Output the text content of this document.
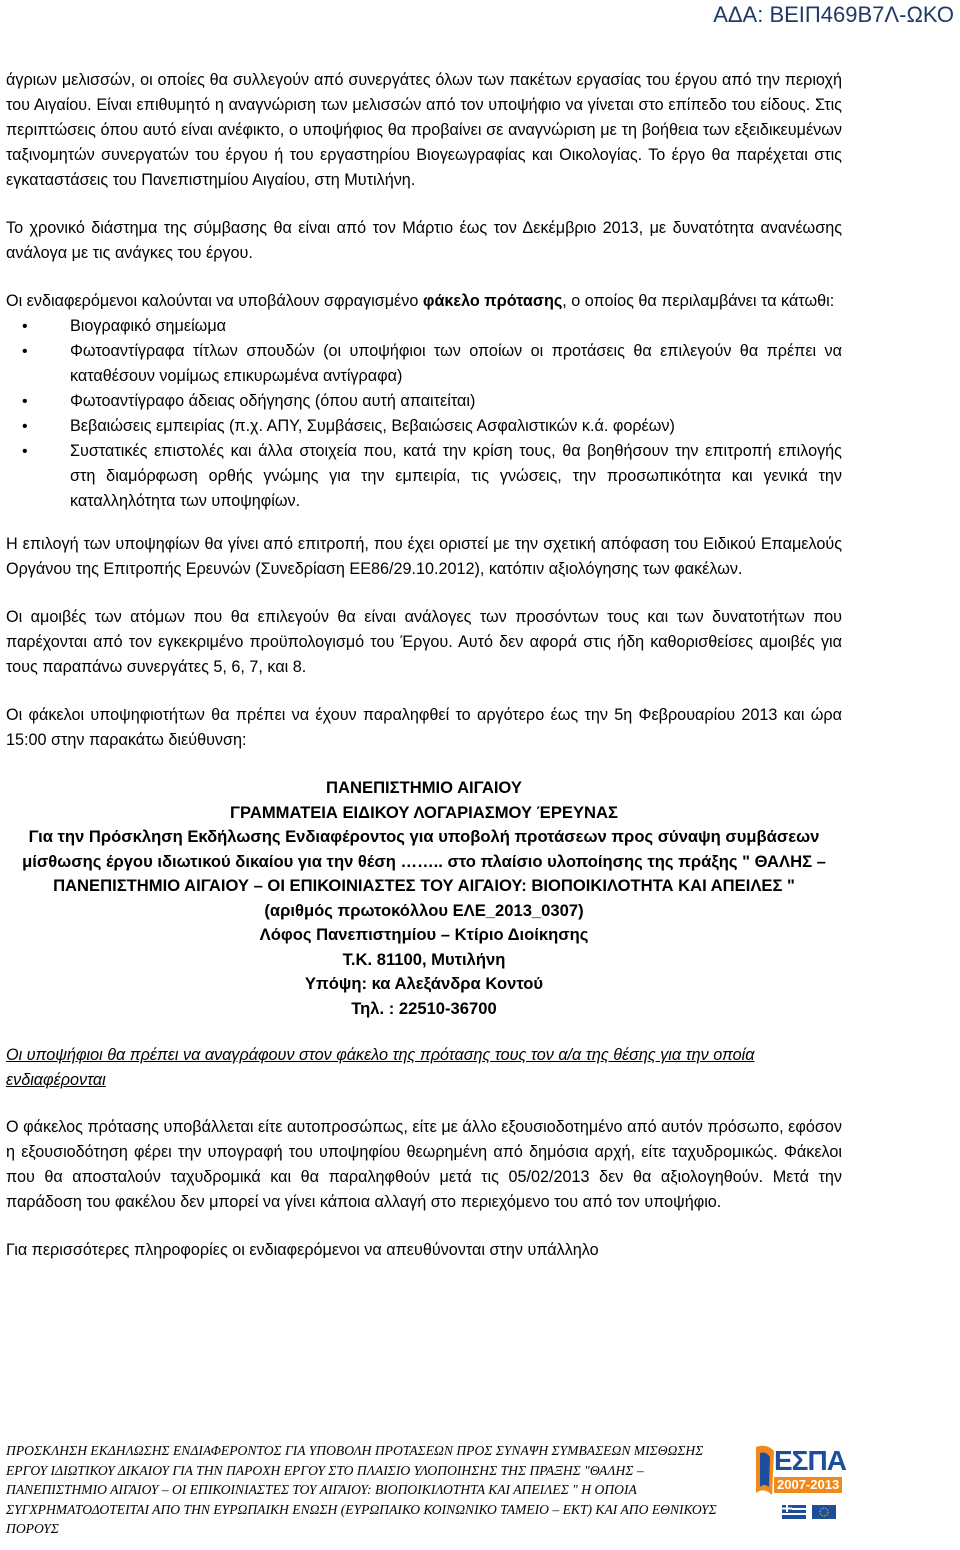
ΑΔΑ: ΒΕΙΠ469Β7Λ-ΩΚΟ

άγριων μελισσών, οι οποίες θα συλλεγούν από συνεργάτες όλων των πακέτων εργασίας του έργου από την περιοχή του Αιγαίου. Είναι επιθυμητό η αναγνώριση των μελισσών από τον υποψήφιο να γίνεται στο επίπεδο του είδους. Στις περιπτώσεις όπου αυτό είναι ανέφικτο, ο υποψήφιος θα προβαίνει σε αναγνώριση με τη βοήθεια των εξειδικευμένων ταξινομητών συνεργατών του έργου ή του εργαστηρίου Βιογεωγραφίας και Οικολογίας. Το έργο θα παρέχεται στις εγκαταστάσεις του Πανεπιστημίου Αιγαίου, στη Μυτιλήνη.

Το χρονικό διάστημα της σύμβασης θα είναι από τον Μάρτιο έως τον Δεκέμβριο 2013, με δυνατότητα ανανέωσης ανάλογα με τις ανάγκες του έργου.

Οι ενδιαφερόμενοι καλούνται να υποβάλουν σφραγισμένο φάκελο πρότασης, ο οποίος θα περιλαμβάνει τα κάτωθι:

• Βιογραφικό σημείωμα
• Φωτοαντίγραφα τίτλων σπουδών (οι υποψήφιοι των οποίων οι προτάσεις θα επιλεγούν θα πρέπει να καταθέσουν νομίμως επικυρωμένα αντίγραφα)
• Φωτοαντίγραφο άδειας οδήγησης (όπου αυτή απαιτείται)
• Βεβαιώσεις εμπειρίας (π.χ. ΑΠΥ, Συμβάσεις, Βεβαιώσεις Ασφαλιστικών κ.ά. φορέων)
• Συστατικές επιστολές και άλλα στοιχεία που, κατά την κρίση τους, θα βοηθήσουν την επιτροπή επιλογής στη διαμόρφωση ορθής γνώμης για την εμπειρία, τις γνώσεις, την προσωπικότητα και γενικά την καταλληλότητα των υποψηφίων.

Η επιλογή των υποψηφίων θα γίνει από επιτροπή, που έχει οριστεί με την σχετική απόφαση του Ειδικού Επαμελούς Οργάνου της Επιτροπής Ερευνών (Συνεδρίαση ΕΕ86/29.10.2012), κατόπιν αξιολόγησης των φακέλων.

Οι αμοιβές των ατόμων που θα επιλεγούν θα είναι ανάλογες των προσόντων τους και των δυνατοτήτων που παρέχονται από τον εγκεκριμένο προϋπολογισμό του Έργου. Αυτό δεν αφορά στις ήδη καθορισθείσες αμοιβές για τους παραπάνω συνεργάτες 5, 6, 7, και 8.

Οι φάκελοι υποψηφιοτήτων θα πρέπει να έχουν παραληφθεί το αργότερο έως την 5η Φεβρουαρίου 2013 και ώρα 15:00 στην παρακάτω διεύθυνση:

ΠΑΝΕΠΙΣΤΗΜΙΟ ΑΙΓΑΙΟΥ
ΓΡΑΜΜΑΤΕΙΑ ΕΙΔΙΚΟΥ ΛΟΓΑΡΙΑΣΜΟΥ ΈΡΕΥΝΑΣ
Για την Πρόσκληση Εκδήλωσης Ενδιαφέροντος για υποβολή προτάσεων προς σύναψη συμβάσεων μίσθωσης έργου ιδιωτικού δικαίου για την θέση …….. στο πλαίσιο υλοποίησης της πράξης " ΘΑΛΗΣ – ΠΑΝΕΠΙΣΤΗΜΙΟ ΑΙΓΑΙΟΥ – ΟΙ ΕΠΙΚΟΙΝΙΑΣΤΕΣ ΤΟΥ ΑΙΓΑΙΟΥ: ΒΙΟΠΟΙΚΙΛΟΤΗΤΑ ΚΑΙ ΑΠΕΙΛΕΣ "
(αριθμός πρωτοκόλλου ΕΛΕ_2013_0307)
Λόφος Πανεπιστημίου – Κτίριο Διοίκησης
Τ.Κ. 81100, Μυτιλήνη
Υπόψη: κα Αλεξάνδρα Κοντού
Τηλ. : 22510-36700

Οι υποψήφιοι θα πρέπει να αναγράφουν στον φάκελο της πρότασης τους τον α/α της θέσης για την οποία ενδιαφέρονται

Ο φάκελος πρότασης υποβάλλεται είτε αυτοπροσώπως, είτε με άλλο εξουσιοδοτημένο από αυτόν πρόσωπο, εφόσον η εξουσιοδότηση φέρει την υπογραφή του υποψηφίου θεωρημένη από δημόσια αρχή, είτε ταχυδρομικώς. Φάκελοι που θα αποσταλούν ταχυδρομικά και θα παραληφθούν μετά τις 05/02/2013 δεν θα αξιολογηθούν. Μετά την παράδοση του φακέλου δεν μπορεί να γίνει κάποια αλλαγή στο περιεχόμενο του από τον υποψήφιο.

Για περισσότερες πληροφορίες οι ενδιαφερόμενοι να απευθύνονται στην υπάλληλο

ΠΡΟΣΚΛΗΣΗ ΕΚΔΗΛΩΣΗΣ ΕΝΔΙΑΦΕΡΟΝΤΟΣ ΓΙΑ ΥΠΟΒΟΛΗ ΠΡΟΤΑΣΕΩΝ ΠΡΟΣ ΣΥΝΑΨΗ ΣΥΜΒΑΣΕΩΝ ΜΙΣΘΩΣΗΣ ΕΡΓΟΥ ΙΔΙΩΤΙΚΟΥ ΔΙΚΑΙΟΥ ΓΙΑ ΤΗΝ ΠΑΡΟΧΗ ΕΡΓΟΥ ΣΤΟ ΠΛΑΙΣΙΟ ΥΛΟΠΟΙΗΣΗΣ ΤΗΣ ΠΡΑΞΗΣ "ΘΑΛΗΣ – ΠΑΝΕΠΙΣΤΗΜΙΟ ΑΙΓΑΙΟΥ – ΟΙ ΕΠΙΚΟΙΝΙΑΣΤΕΣ ΤΟΥ ΑΙΓΑΙΟΥ: ΒΙΟΠΟΙΚΙΛΟΤΗΤΑ ΚΑΙ ΑΠΕΙΛΕΣ " Η ΟΠΟΙΑ ΣΥΓΧΡΗΜΑΤΟΔΟΤΕΙΤΑΙ ΑΠΟ ΤΗΝ ΕΥΡΩΠΑΙΚΗ ΕΝΩΣΗ (ΕΥΡΩΠΑΙΚΟ ΚΟΙΝΩΝΙΚΟ ΤΑΜΕΙΟ – ΕΚΤ) ΚΑΙ ΑΠΟ ΕΘΝΙΚΟΥΣ ΠΟΡΟΥΣ
ΕΣΠΑ
2007-2013
